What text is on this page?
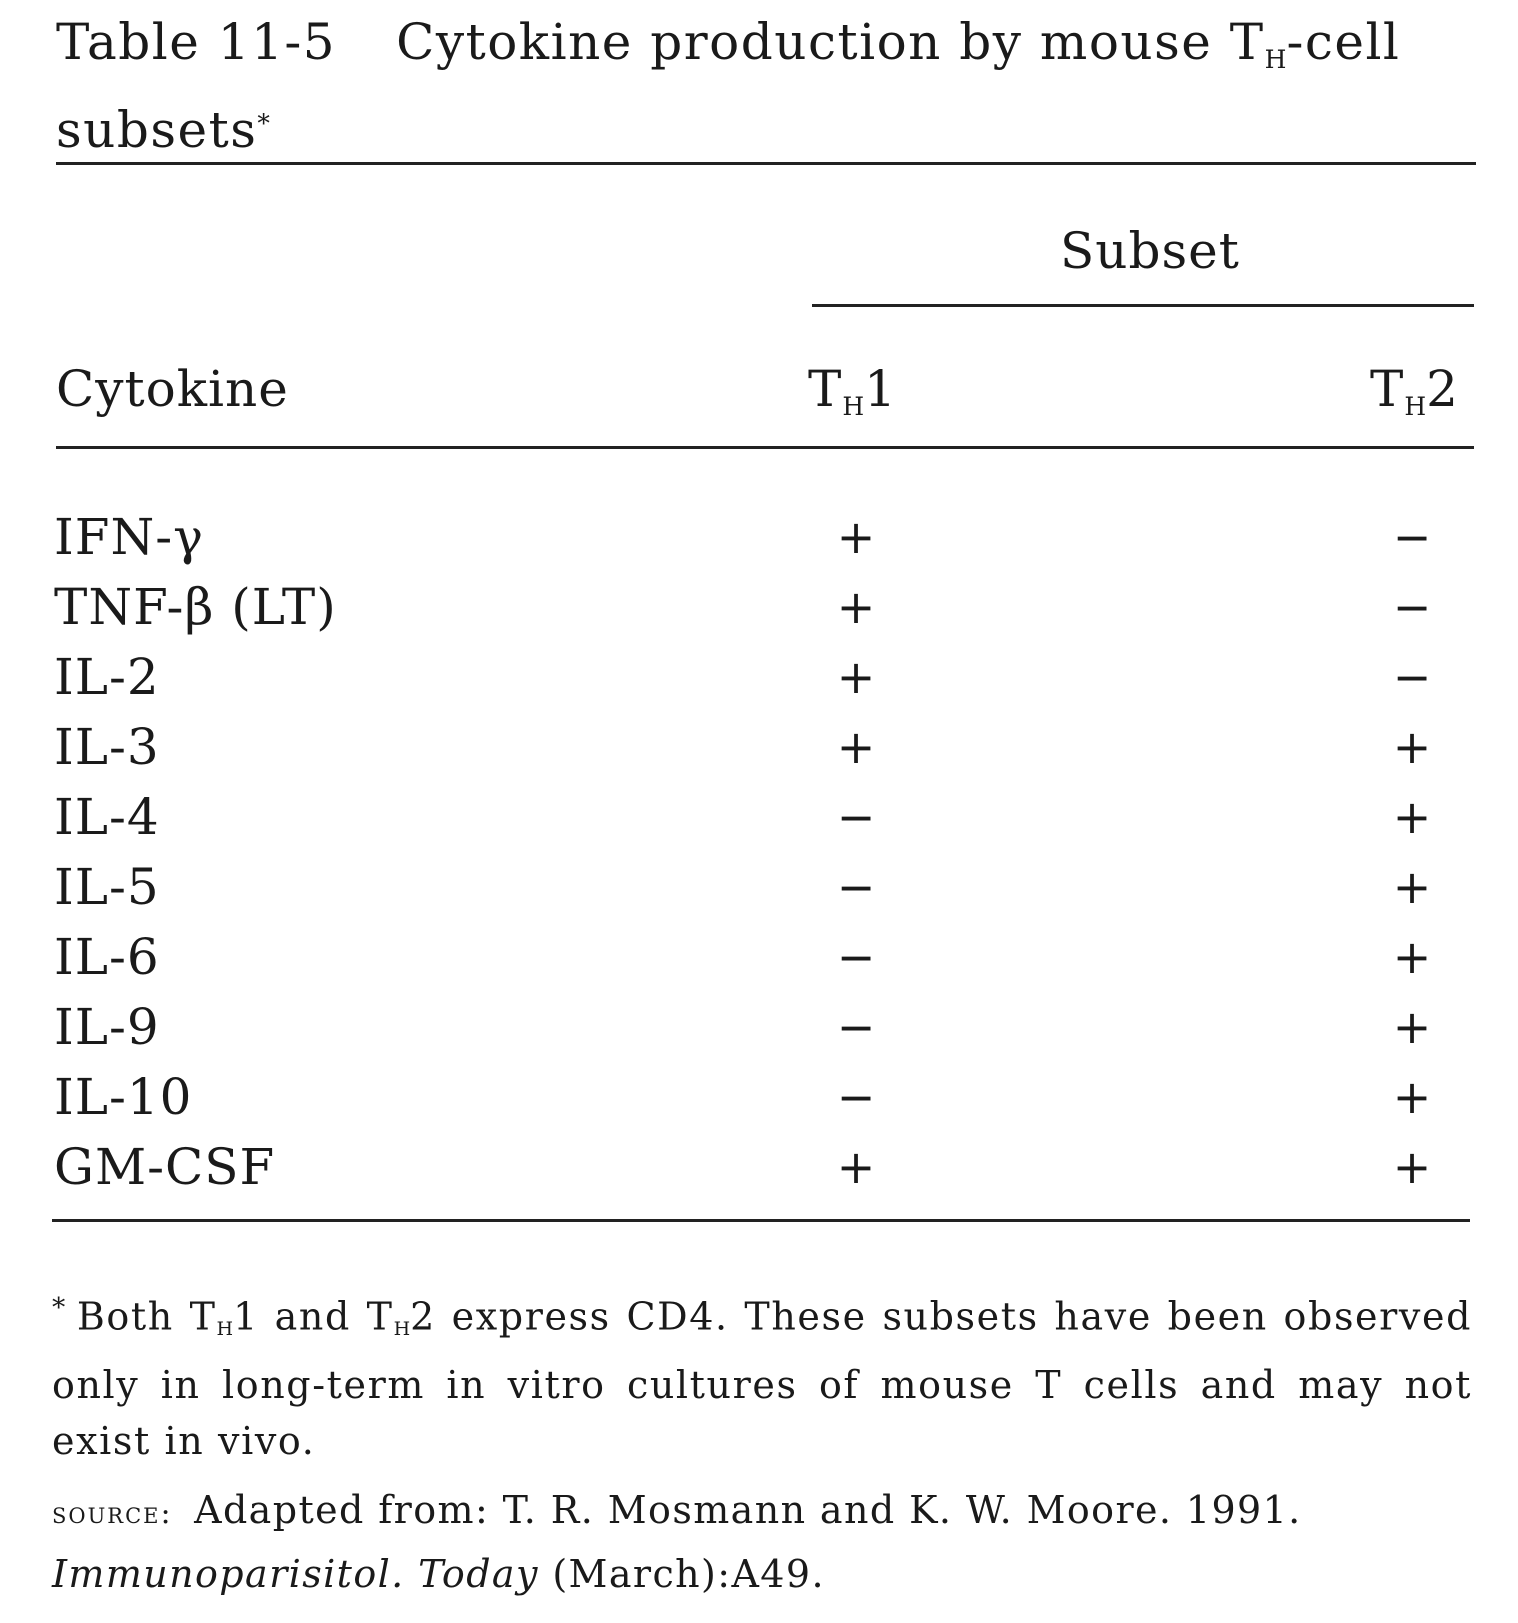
Table 11-5 Cytokine production by mouse $T_H$-cell subsets*
Subset
Cytokine	$T_H1$	$T_H2$
IFN-γ	+	−
TNF-β (LT)	+	−
IL-2	+	−
IL-3	+	+
IL-4	−	+
IL-5	−	+
IL-6	−	+
IL-9	−	+
IL-10	−	+
GM-CSF	+	+
* Both $T_H1$ and $T_H2$ express CD4. These subsets have been observed only in long-term in vitro cultures of mouse T cells and may not exist in vivo.
source: Adapted from: T. R. Mosmann and K. W. Moore. 1991. Immunoparisitol. Today (March):A49.
